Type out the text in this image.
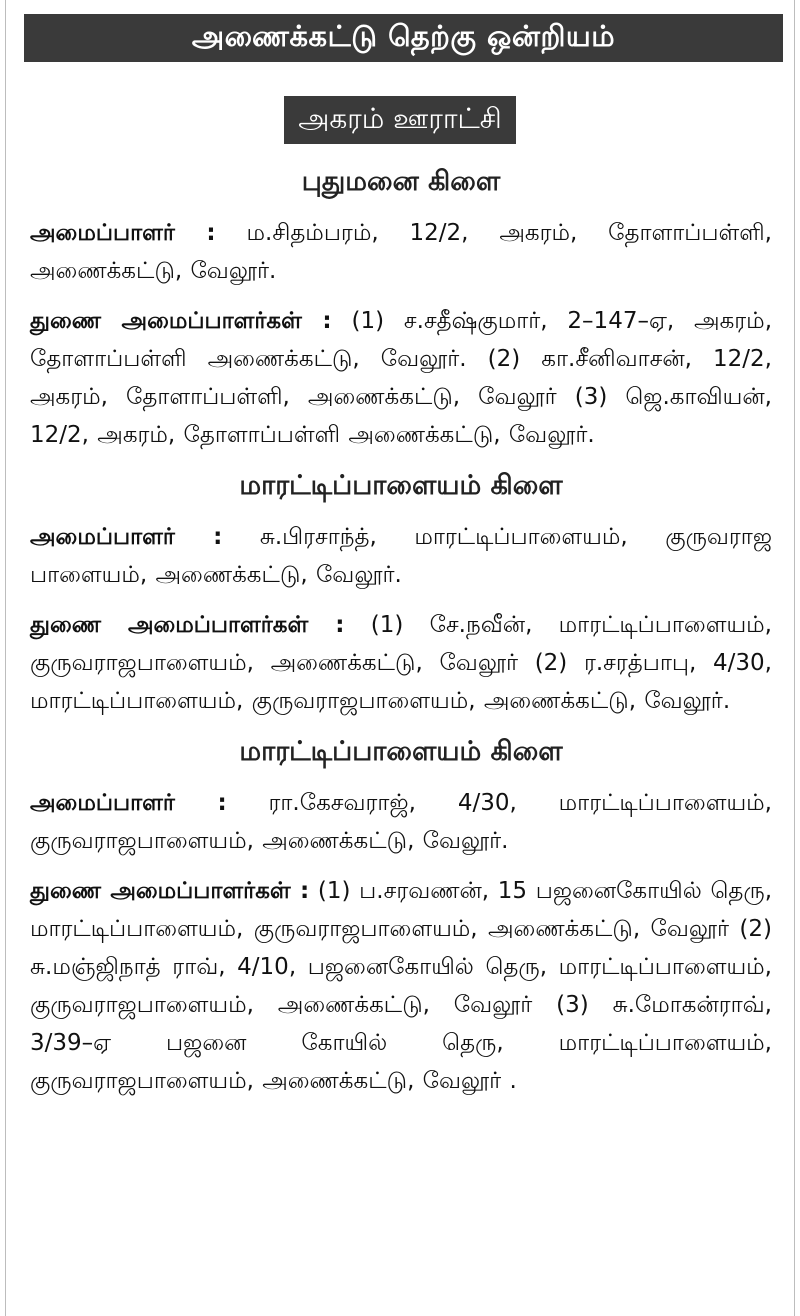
அணைக்கட்டு தெற்கு ஒன்றியம்
அகரம் ஊராட்சி
புதுமனை கிளை

அமைப்பாளர் : ம.சிதம்பரம், 12/2, அகரம், தோளாப்பள்ளி, அணைக்கட்டு, வேலூர்.

துணை அமைப்பாளர்கள் : (1) ச.சதீஷ்குமார், 2–147–ஏ, அகரம், தோளாப்பள்ளி அணைக்கட்டு, வேலூர். (2) கா.சீனிவாசன், 12/2, அகரம், தோளாப்பள்ளி, அணைக்கட்டு, வேலூர் (3) ஜெ.காவியன், 12/2, அகரம், தோளாப்பள்ளி அணைக்கட்டு, வேலூர்.

மாரட்டிப்பாளையம் கிளை

அமைப்பாளர் : சு.பிரசாந்த், மாரட்டிப்பாளையம், குருவராஜ பாளையம், அணைக்கட்டு, வேலூர்.

துணை அமைப்பாளர்கள் : (1) சே.நவீன், மாரட்டிப்பாளையம், குருவராஜபாளையம், அணைக்கட்டு, வேலூர் (2) ர.சரத்பாபு, 4/30, மாரட்டிப்பாளையம், குருவராஜபாளையம், அணைக்கட்டு, வேலூர்.

மாரட்டிப்பாளையம் கிளை

அமைப்பாளர் : ரா.கேசவராஜ், 4/30, மாரட்டிப்பாளையம், குருவராஜபாளையம், அணைக்கட்டு, வேலூர்.

துணை அமைப்பாளர்கள் : (1) ப.சரவணன், 15 பஜனைகோயில் தெரு, மாரட்டிப்பாளையம், குருவராஜபாளையம், அணைக்கட்டு, வேலூர் (2) சு.மஞ்ஜிநாத் ராவ், 4/10, பஜனைகோயில் தெரு, மாரட்டிப்பாளையம், குருவராஜபாளையம், அணைக்கட்டு, வேலூர் (3) சு.மோகன்ராவ், 3/39–ஏ பஜனை கோயில் தெரு, மாரட்டிப்பாளையம், குருவராஜபாளையம், அணைக்கட்டு, வேலூர் .
